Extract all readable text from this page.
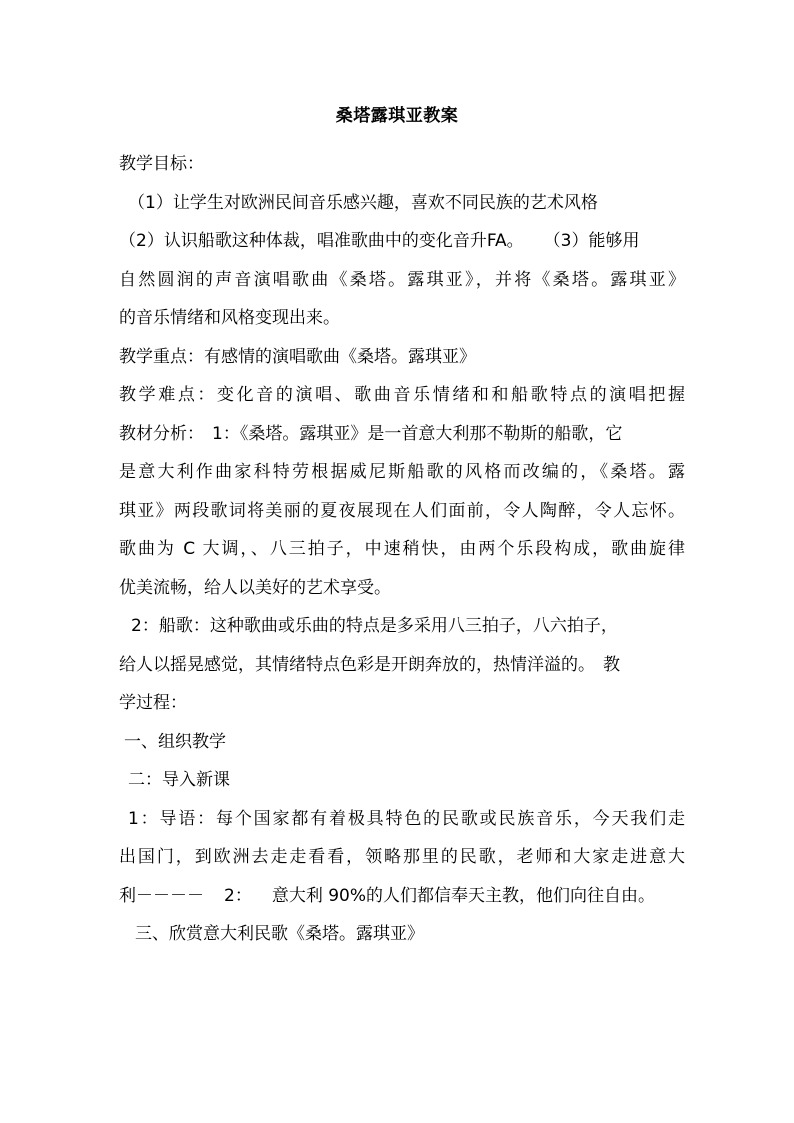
桑塔露琪亚教案
教学目标：
（1）让学生对欧洲民间音乐感兴趣，喜欢不同民族的艺术风格
（2）认识船歌这种体裁，唱准歌曲中的变化音升FA。 （3）能够用
自然圆润的声音演唱歌曲《桑塔。露琪亚》，并将《桑塔。露琪亚》
的音乐情绪和风格变现出来。
教学重点：有感情的演唱歌曲《桑塔。露琪亚》
教学难点：变化音的演唱、歌曲音乐情绪和和船歌特点的演唱把握
教材分析： 1：《桑塔。露琪亚》是一首意大利那不勒斯的船歌，它
是意大利作曲家科特劳根据威尼斯船歌的风格而改编的，《桑塔。露
琪亚》两段歌词将美丽的夏夜展现在人们面前，令人陶醉，令人忘怀。
歌曲为 C 大调，、八三拍子，中速稍快，由两个乐段构成，歌曲旋律
优美流畅，给人以美好的艺术享受。
2：船歌：这种歌曲或乐曲的特点是多采用八三拍子，八六拍子，
给人以摇晃感觉，其情绪特点色彩是开朗奔放的，热情洋溢的。 教
学过程：
一、组织教学
二：导入新课
1：导语：每个国家都有着极具特色的民歌或民族音乐，今天我们走
出国门，到欧洲去走走看看，领略那里的民歌，老师和大家走进意大
利－－－－ 2： 意大利 90%的人们都信奉天主教，他们向往自由。
三、欣赏意大利民歌《桑塔。露琪亚》
